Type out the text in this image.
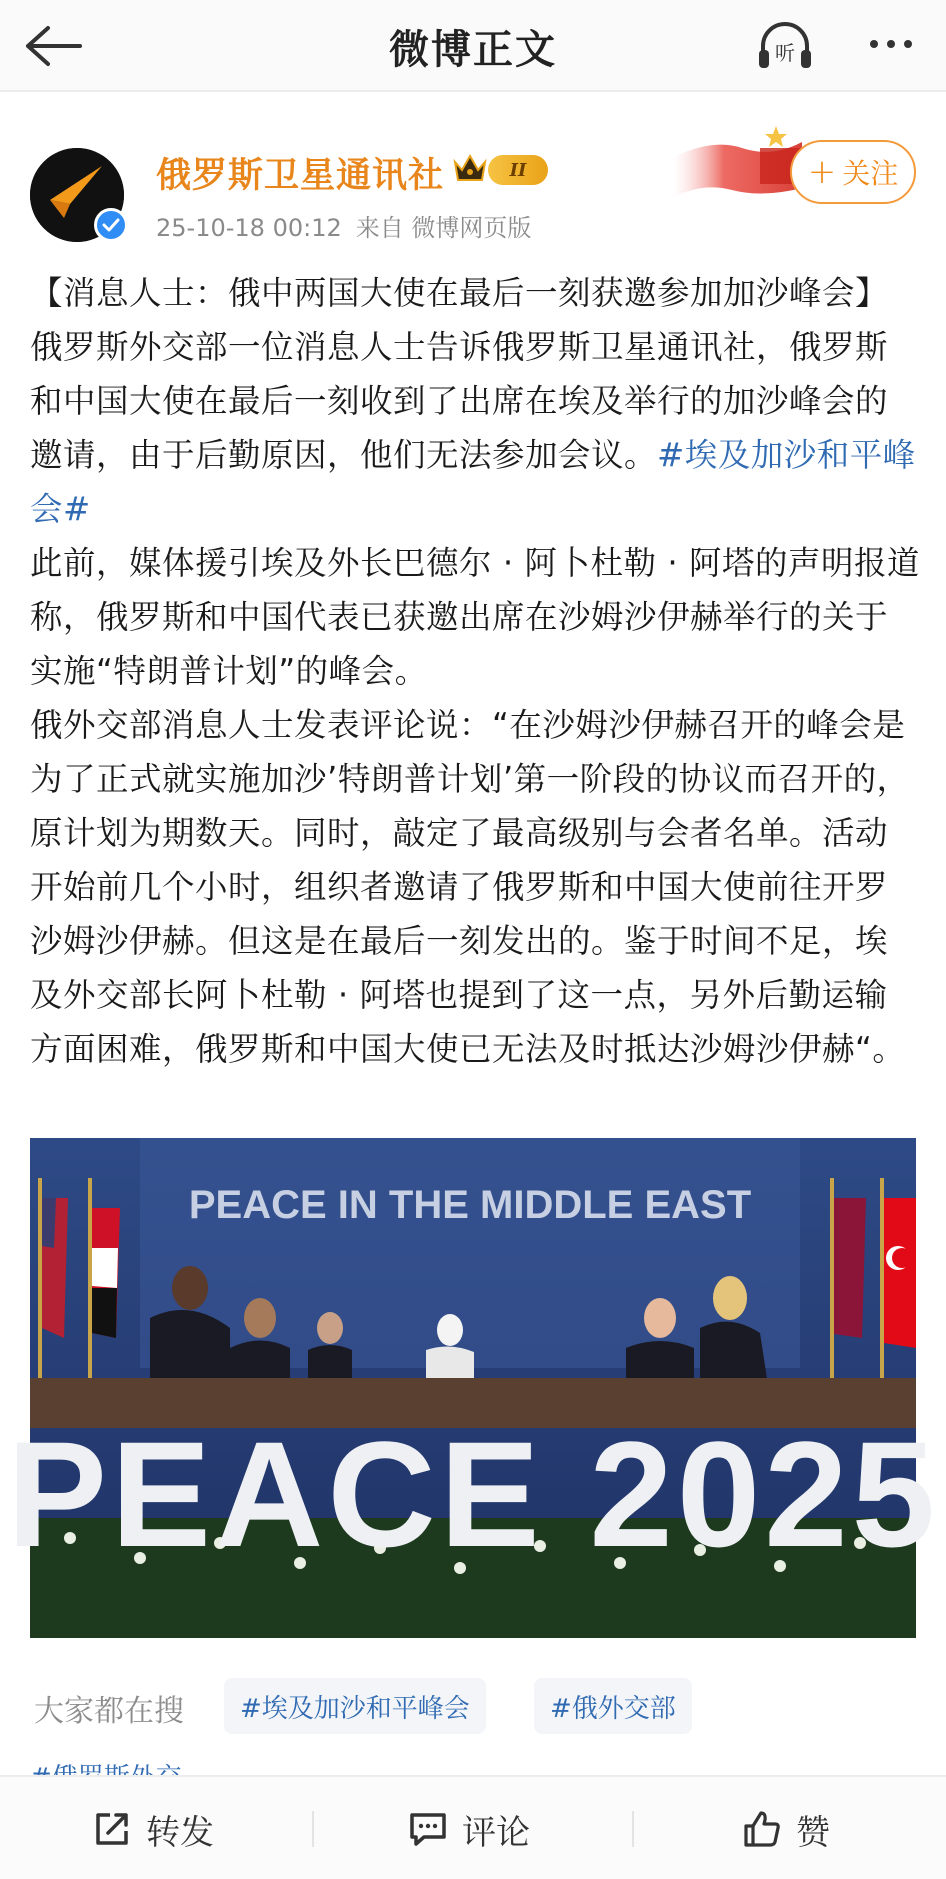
微博正文	听
俄罗斯卫星通讯社	II
25-10-18 00:12 来自 微博网页版
+ 关注

【消息人士：俄中两国大使在最后一刻获邀参加加沙峰会】俄罗斯外交部一位消息人士告诉俄罗斯卫星通讯社，俄罗斯和中国大使在最后一刻收到了出席在埃及举行的加沙峰会的邀请，由于后勤原因，他们无法参加会议。#埃及加沙和平峰会#

此前，媒体援引埃及外长巴德尔 · 阿卜杜勒 · 阿塔的声明报道称，俄罗斯和中国代表已获邀出席在沙姆沙伊赫举行的关于实施“特朗普计划”的峰会。

俄外交部消息人士发表评论说：“在沙姆沙伊赫召开的峰会是为了正式就实施加沙’特朗普计划’第一阶段的协议而召开的，原计划为期数天。同时，敲定了最高级别与会者名单。活动开始前几个小时，组织者邀请了俄罗斯和中国大使前往开罗沙姆沙伊赫。但这是在最后一刻发出的。鉴于时间不足，埃及外交部长阿卜杜勒 · 阿塔也提到了这一点，另外后勤运输方面困难，俄罗斯和中国大使已无法及时抵达沙姆沙伊赫“。

PEACE IN THE MIDDLE EAST
PEACE 2025
大家都在搜	#埃及加沙和平峰会	#俄外交部
转发	评论	赞
